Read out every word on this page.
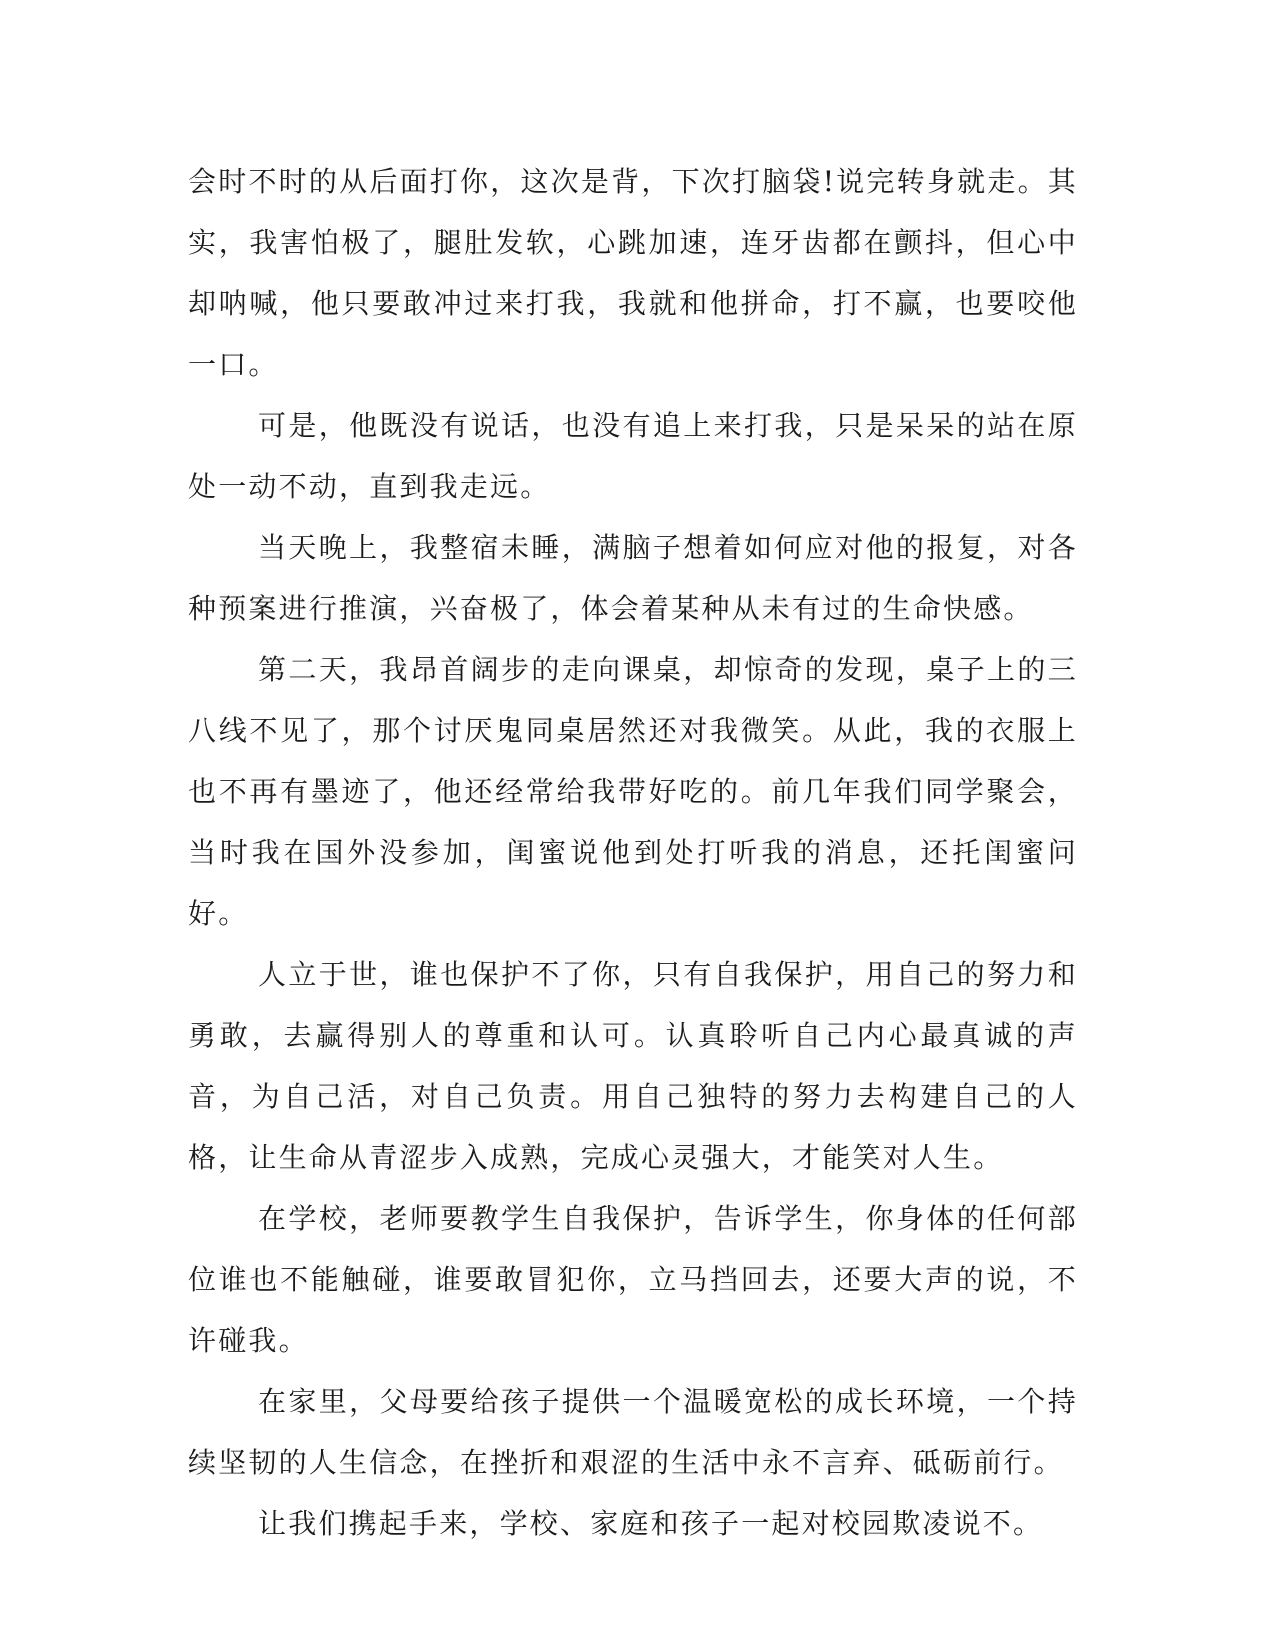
会时不时的从后面打你，这次是背，下次打脑袋!说完转身就走。其实，我害怕极了，腿肚发软，心跳加速，连牙齿都在颤抖，但心中却呐喊，他只要敢冲过来打我，我就和他拼命，打不赢，也要咬他一口。

可是，他既没有说话，也没有追上来打我，只是呆呆的站在原处一动不动，直到我走远。

当天晚上，我整宿未睡，满脑子想着如何应对他的报复，对各种预案进行推演，兴奋极了，体会着某种从未有过的生命快感。

第二天，我昂首阔步的走向课桌，却惊奇的发现，桌子上的三八线不见了，那个讨厌鬼同桌居然还对我微笑。从此，我的衣服上也不再有墨迹了，他还经常给我带好吃的。前几年我们同学聚会，当时我在国外没参加，闺蜜说他到处打听我的消息，还托闺蜜问好。

人立于世，谁也保护不了你，只有自我保护，用自己的努力和勇敢，去赢得别人的尊重和认可。认真聆听自己内心最真诚的声音，为自己活，对自己负责。用自己独特的努力去构建自己的人格，让生命从青涩步入成熟，完成心灵强大，才能笑对人生。

在学校，老师要教学生自我保护，告诉学生，你身体的任何部位谁也不能触碰，谁要敢冒犯你，立马挡回去，还要大声的说，不许碰我。

在家里，父母要给孩子提供一个温暖宽松的成长环境，一个持续坚韧的人生信念，在挫折和艰涩的生活中永不言弃、砥砺前行。

让我们携起手来，学校、家庭和孩子一起对校园欺凌说不。
